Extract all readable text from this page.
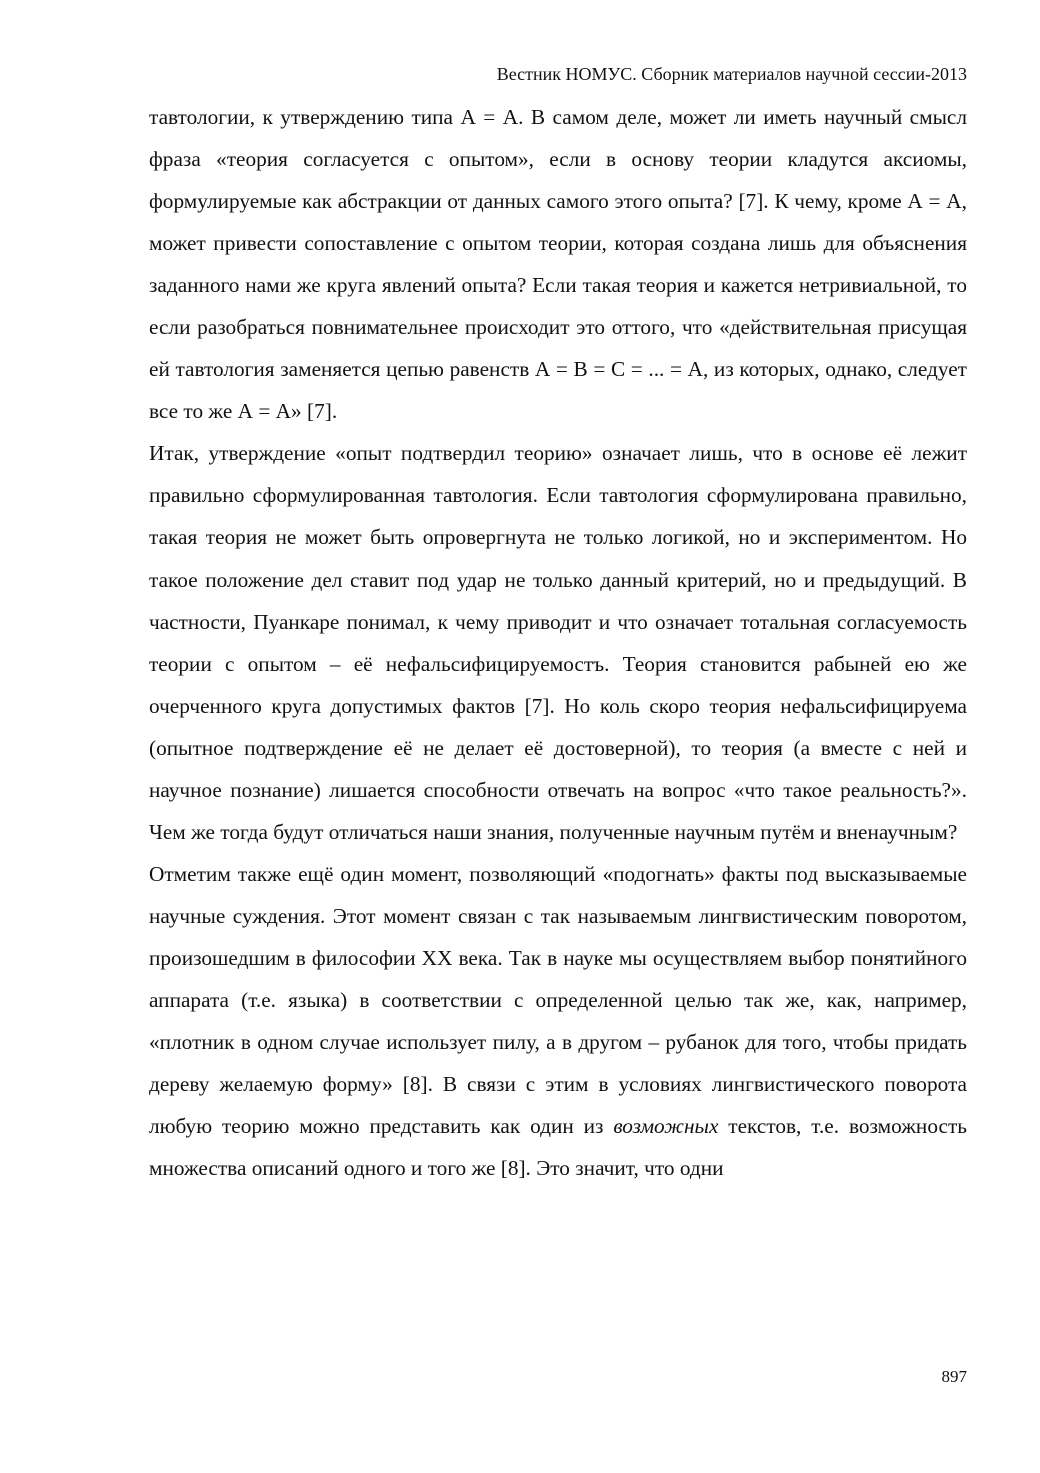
Вестник НОМУС. Сборник материалов научной сессии-2013

тавтологии, к утверждению типа А = А. В самом деле, может ли иметь научный смысл фраза «теория согласуется с опытом», если в основу теории кладутся аксиомы, формулируемые как абстракции от данных самого этого опыта? [7]. К чему, кроме А = А, может привести сопоставление с опытом теории, которая создана лишь для объяснения заданного нами же круга явлений опыта? Если такая теория и кажется нетривиальной, то если разобраться повнимательнее происходит это оттого, что «действительная присущая ей тавтология заменяется цепью равенств А = В = С = ... = А, из которых, однако, следует все то же А = А» [7].

Итак, утверждение «опыт подтвердил теорию» означает лишь, что в основе её лежит правильно сформулированная тавтология. Если тавтология сформулирована правильно, такая теория не может быть опровергнута не только логикой, но и экспериментом. Но такое положение дел ставит под удар не только данный критерий, но и предыдущий. В частности, Пуанкаре понимал, к чему приводит и что означает тотальная согласуемость теории с опытом – её нефальсифицируемостъ. Теория становится рабыней ею же очерченного круга допустимых фактов [7]. Но коль скоро теория нефальсифицируема (опытное подтверждение её не делает её достоверной), то теория (а вместе с ней и научное познание) лишается способности отвечать на вопрос «что такое реальность?». Чем же тогда будут отличаться наши знания, полученные научным путём и вненаучным?

Отметим также ещё один момент, позволяющий «подогнать» факты под высказываемые научные суждения. Этот момент связан с так называемым лингвистическим поворотом, произошедшим в философии XX века. Так в науке мы осуществляем выбор понятийного аппарата (т.е. языка) в соответствии с определенной целью так же, как, например, «плотник в одном случае использует пилу, а в другом – рубанок для того, чтобы придать дереву желаемую форму» [8]. В связи с этим в условиях лингвистического поворота любую теорию можно представить как один из возможных текстов, т.е. возможность множества описаний одного и того же [8]. Это значит, что одни

897
